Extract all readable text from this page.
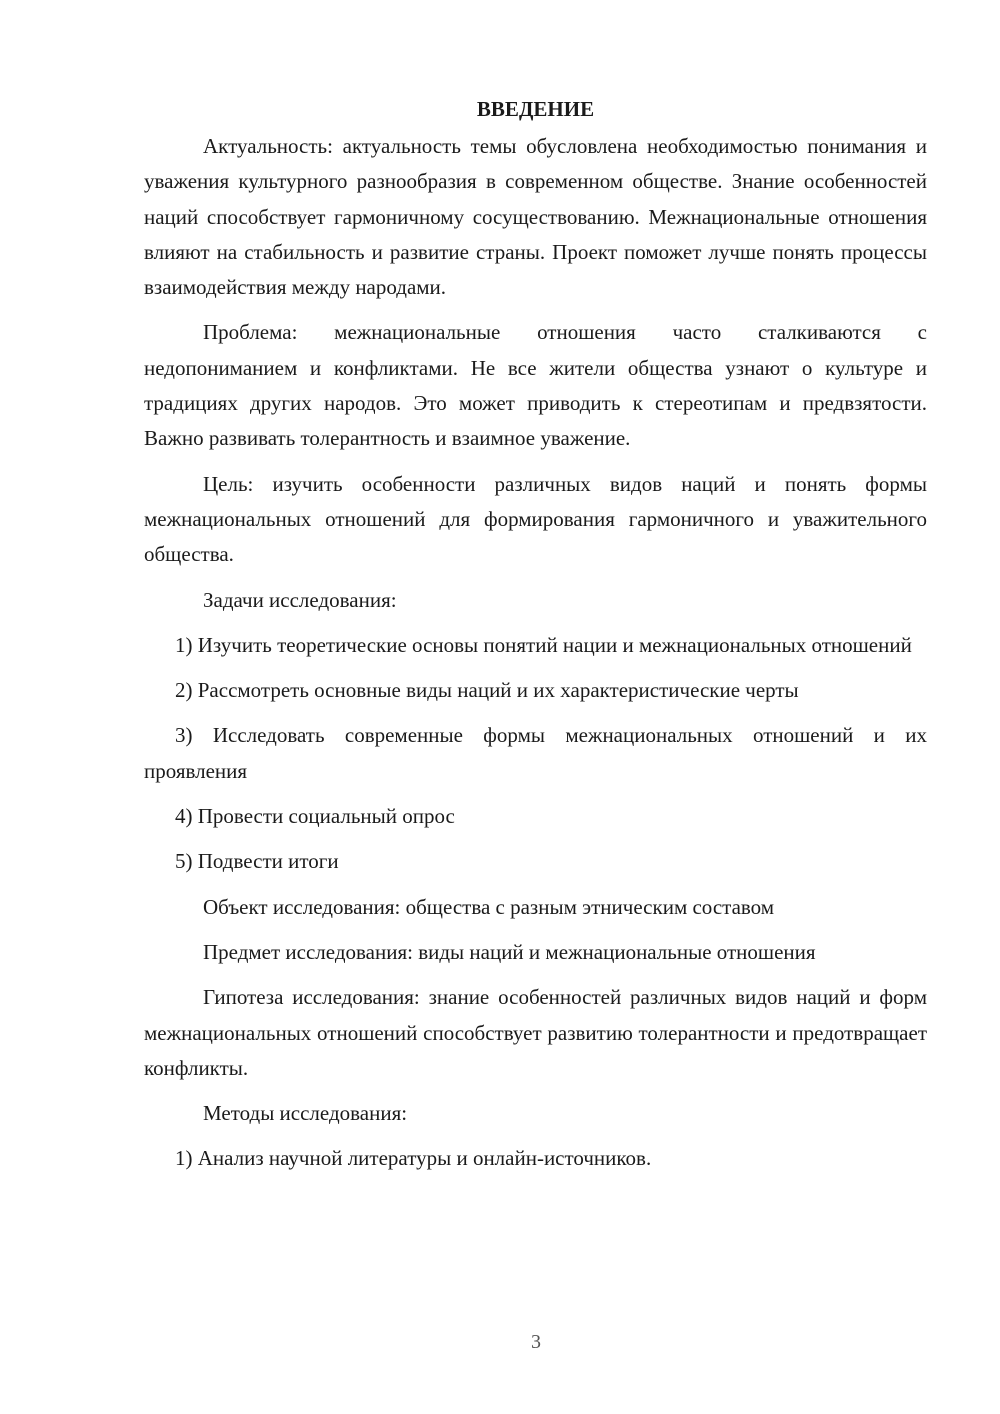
ВВЕДЕНИЕ

Актуальность: актуальность темы обусловлена необходимостью понимания и уважения культурного разнообразия в современном обществе. Знание особенностей наций способствует гармоничному сосуществованию. Межнациональные отношения влияют на стабильность и развитие страны. Проект поможет лучше понять процессы взаимодействия между народами.

Проблема: межнациональные отношения часто сталкиваются с недопониманием и конфликтами. Не все жители общества узнают о культуре и традициях других народов. Это может приводить к стереотипам и предвзятости. Важно развивать толерантность и взаимное уважение.

Цель: изучить особенности различных видов наций и понять формы межнациональных отношений для формирования гармоничного и уважительного общества.

Задачи исследования:

1) Изучить теоретические основы понятий нации и межнациональных отношений

2) Рассмотреть основные виды наций и их характеристические черты

3) Исследовать современные формы межнациональных отношений и их проявления

4) Провести социальный опрос

5) Подвести итоги

Объект исследования: общества с разным этническим составом

Предмет исследования: виды наций и межнациональные отношения

Гипотеза исследования: знание особенностей различных видов наций и форм межнациональных отношений способствует развитию толерантности и предотвращает конфликты.

Методы исследования:

1) Анализ научной литературы и онлайн-источников.

3
